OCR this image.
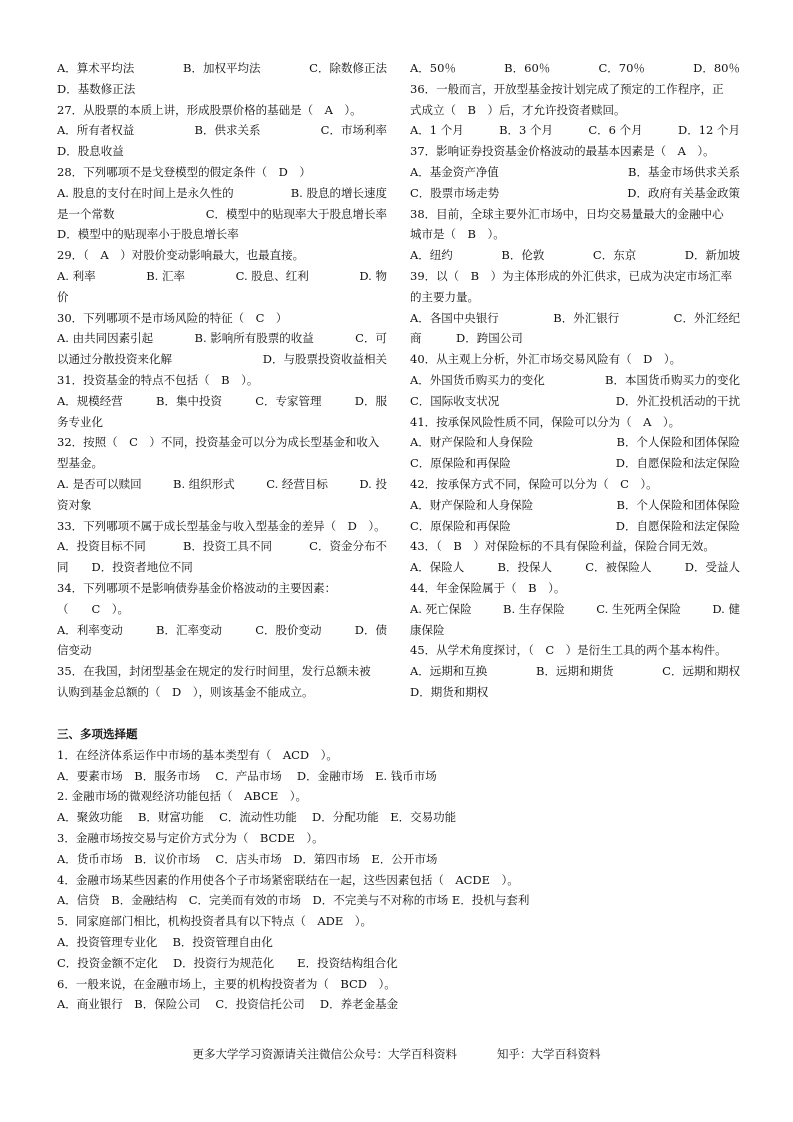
A．算术平均法	B．加权平均法	C．除数修正法
D．基数修正法
27．从股票的本质上讲，形成股票价格的基础是（　A　）。
A．所有者权益	B．供求关系	C．市场利率
D．股息收益
28．下列哪项不是戈登模型的假定条件（　D　）
A. 股息的支付在时间上是永久性的	B. 股息的增长速度
是一个常数	C．模型中的贴现率大于股息增长率
D．模型中的贴现率小于股息增长率
29．（　A　）对股价变动影响最大，也最直接。
A. 利率	B. 汇率	C. 股息、红利	D. 物
价
30．下列哪项不是市场风险的特征（　C　）
A. 由共同因素引起	B. 影响所有股票的收益	C．可
以通过分散投资来化解	D．与股票投资收益相关
31．投资基金的特点不包括（　B　）。
A．规模经营	B．集中投资	C．专家管理	D．服
务专业化
32．按照（　C　）不同，投资基金可以分为成长型基金和收入
型基金。
A. 是否可以赎回	B. 组织形式	C. 经营目标	D. 投
资对象
33．下列哪项不属于成长型基金与收入型基金的差异（　D　）。
A．投资目标不同	B．投资工具不同	C．资金分布不
同　　D．投资者地位不同
34．下列哪项不是影响债券基金价格波动的主要因素：
（　　C　）。
A．利率变动	B．汇率变动	C．股价变动	D．债
信变动
35．在我国，封闭型基金在规定的发行时间里，发行总额未被
认购到基金总额的（　D　），则该基金不能成立。
A．50％	B．60％	C．70％	D．80％
36．一般而言，开放型基金按计划完成了预定的工作程序，正
式成立（　B　）后，才允许投资者赎回。
A．1 个月	B．3 个月	C．6 个月	D．12 个月
37．影响证券投资基金价格波动的最基本因素是（　A　）。
A．基金资产净值	B．基金市场供求关系
C．股票市场走势	D．政府有关基金政策
38．目前，全球主要外汇市场中，日均交易量最大的金融中心
城市是（　B　）。
A．纽约	B．伦敦	C．东京	D．新加坡
39．以（　B　）为主体形成的外汇供求，已成为决定市场汇率
的主要力量。
A．各国中央银行	B．外汇银行	C．外汇经纪
商　　　D．跨国公司
40．从主观上分析，外汇市场交易风险有（　D　）。
A．外国货币购买力的变化	B．本国货币购买力的变化
C．国际收支状况	D．外汇投机活动的干扰
41．按承保风险性质不同，保险可以分为（　A　）。
A．财产保险和人身保险	B．个人保险和团体保险
C．原保险和再保险	D．自愿保险和法定保险
42．按承保方式不同，保险可以分为（　C　）。
A．财产保险和人身保险	B．个人保险和团体保险
C．原保险和再保险	D．自愿保险和法定保险
43．（　B　）对保险标的不具有保险利益，保险合同无效。
A．保险人	B．投保人	C．被保险人	D．受益人
44．年金保险属于（　B　）。
A. 死亡保险	B. 生存保险	C. 生死两全保险	D. 健
康保险
45．从学术角度探讨，（　C　）是衍生工具的两个基本构件。
A．远期和互换	B．远期和期货	C．远期和期权
D．期货和期权
三、多项选择题
1．在经济体系运作中市场的基本类型有（　ACD　）。
A．要素市场　B．服务市场　 C．产品市场　 D．金融市场　E. 钱币市场
2. 金融市场的微观经济功能包括（　ABCE　）。
A．聚敛功能　 B．财富功能　 C．流动性功能　 D．分配功能　E．交易功能
3．金融市场按交易与定价方式分为（　BCDE　）。
A．货币市场　B．议价市场　 C．店头市场　D．第四市场　E．公开市场
4．金融市场某些因素的作用使各个子市场紧密联结在一起，这些因素包括（　ACDE　）。
A．信贷　B．金融结构　C．完美而有效的市场　D．不完美与不对称的市场 E．投机与套利
5．同家庭部门相比，机构投资者具有以下特点（　ADE　）。
A．投资管理专业化　 B．投资管理自由化
C．投资金额不定化　 D．投资行为规范化　　E．投资结构组合化
6．一般来说，在金融市场上，主要的机构投资者为（　BCD　）。
A．商业银行　B．保险公司　 C．投资信托公司　 D．养老金基金
更多大学学习资源请关注微信公众号：大学百科资料	知乎：大学百科资料
